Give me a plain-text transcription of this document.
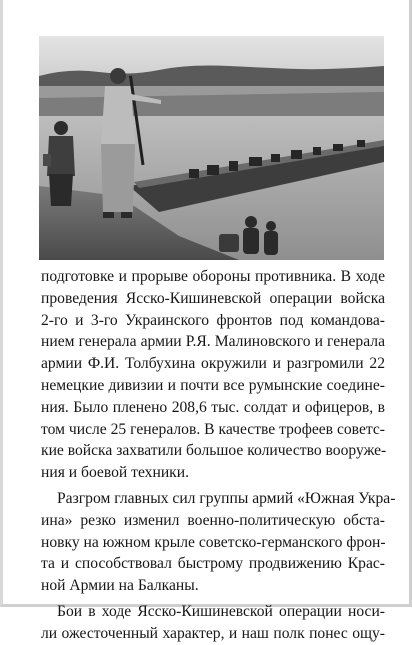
подготовке и прорыве обороны противника. В ходе
проведения Ясско-Кишиневской операции войска
2-го и 3-го Украинского фронтов под командова-
нием генерала армии Р.Я. Малиновского и генерала
армии Ф.И. Толбухина окружили и разгромили 22
немецкие дивизии и почти все румынские соедине-
ния. Было пленено 208,6 тыс. солдат и офицеров, в
том числе 25 генералов. В качестве трофеев советс-
кие войска захватили большое количество вооруже-
ния и боевой техники.

Разгром главных сил группы армий «Южная Укра-
ина» резко изменил военно-политическую обста-
новку на южном крыле советско-германского фрон-
та и способствовал быстрому продвижению Крас-
ной Армии на Балканы.

Бои в ходе Ясско-Кишиневской операции носи-
ли ожесточенный характер, и наш полк понес ощу-
